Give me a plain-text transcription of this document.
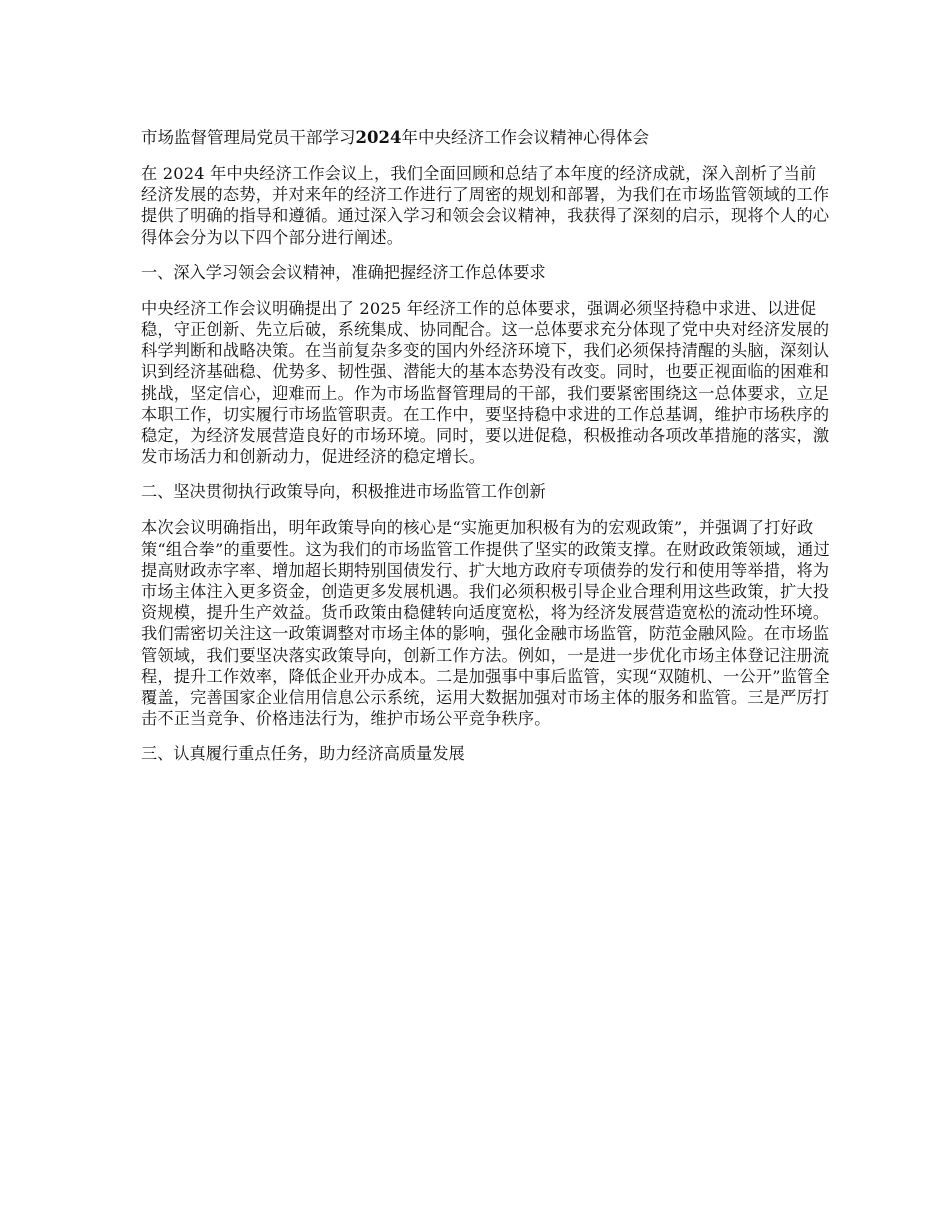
市场监督管理局党员干部学习2024年中央经济工作会议精神心得体会

在 2024 年中央经济工作会议上，我们全面回顾和总结了本年度的经济成就，深入剖析了当前经济发展的态势，并对来年的经济工作进行了周密的规划和部署，为我们在市场监管领域的工作提供了明确的指导和遵循。通过深入学习和领会会议精神，我获得了深刻的启示，现将个人的心得体会分为以下四个部分进行阐述。

一、深入学习领会会议精神，准确把握经济工作总体要求

中央经济工作会议明确提出了 2025 年经济工作的总体要求，强调必须坚持稳中求进、以进促稳，守正创新、先立后破，系统集成、协同配合。这一总体要求充分体现了党中央对经济发展的科学判断和战略决策。在当前复杂多变的国内外经济环境下，我们必须保持清醒的头脑，深刻认识到经济基础稳、优势多、韧性强、潜能大的基本态势没有改变。同时，也要正视面临的困难和挑战，坚定信心，迎难而上。作为市场监督管理局的干部，我们要紧密围绕这一总体要求，立足本职工作，切实履行市场监管职责。在工作中，要坚持稳中求进的工作总基调，维护市场秩序的稳定，为经济发展营造良好的市场环境。同时，要以进促稳，积极推动各项改革措施的落实，激发市场活力和创新动力，促进经济的稳定增长。

二、坚决贯彻执行政策导向，积极推进市场监管工作创新

本次会议明确指出，明年政策导向的核心是“实施更加积极有为的宏观政策”，并强调了打好政策“组合拳”的重要性。这为我们的市场监管工作提供了坚实的政策支撑。在财政政策领域，通过提高财政赤字率、增加超长期特别国债发行、扩大地方政府专项债券的发行和使用等举措，将为市场主体注入更多资金，创造更多发展机遇。我们必须积极引导企业合理利用这些政策，扩大投资规模，提升生产效益。货币政策由稳健转向适度宽松，将为经济发展营造宽松的流动性环境。我们需密切关注这一政策调整对市场主体的影响，强化金融市场监管，防范金融风险。在市场监管领域，我们要坚决落实政策导向，创新工作方法。例如，一是进一步优化市场主体登记注册流程，提升工作效率，降低企业开办成本。二是加强事中事后监管，实现“双随机、一公开”监管全覆盖，完善国家企业信用信息公示系统，运用大数据加强对市场主体的服务和监管。三是严厉打击不正当竞争、价格违法行为，维护市场公平竞争秩序。

三、认真履行重点任务，助力经济高质量发展
